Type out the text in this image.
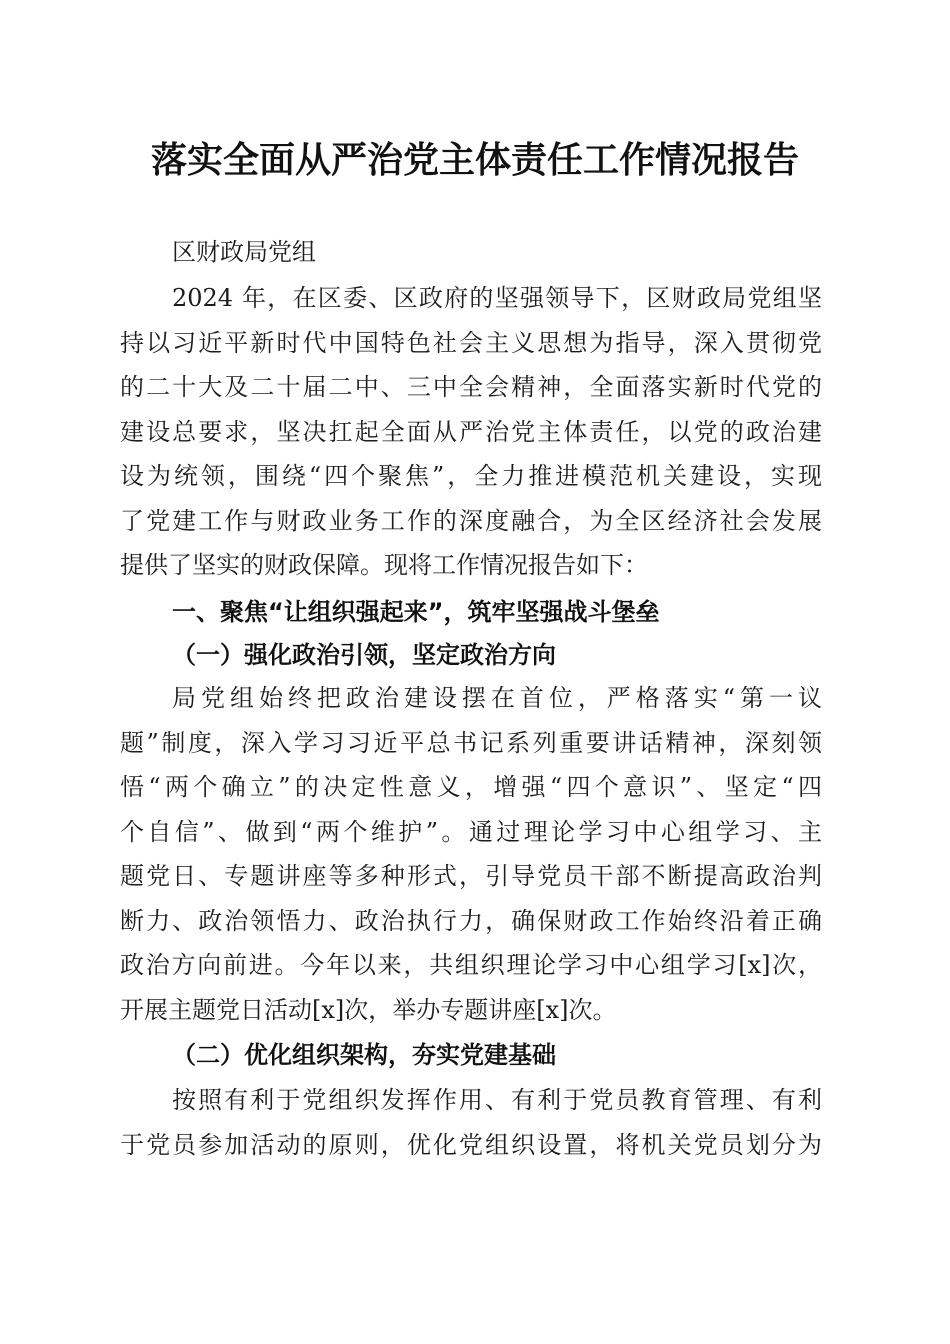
落实全面从严治党主体责任工作情况报告
区财政局党组
2024 年，在区委、区政府的坚强领导下，区财政局党组坚
持以习近平新时代中国特色社会主义思想为指导，深入贯彻党
的二十大及二十届二中、三中全会精神，全面落实新时代党的
建设总要求，坚决扛起全面从严治党主体责任，以党的政治建
设为统领，围绕“四个聚焦”，全力推进模范机关建设，实现
了党建工作与财政业务工作的深度融合，为全区经济社会发展
提供了坚实的财政保障。现将工作情况报告如下：
一、聚焦“让组织强起来”，筑牢坚强战斗堡垒
（一）强化政治引领，坚定政治方向
局党组始终把政治建设摆在首位，严格落实“第一议
题”制度，深入学习习近平总书记系列重要讲话精神，深刻领
悟“两个确立”的决定性意义，增强“四个意识”、坚定“四
个自信”、做到“两个维护”。通过理论学习中心组学习、主
题党日、专题讲座等多种形式，引导党员干部不断提高政治判
断力、政治领悟力、政治执行力，确保财政工作始终沿着正确
政治方向前进。今年以来，共组织理论学习中心组学习[x]次，
开展主题党日活动[x]次，举办专题讲座[x]次。
（二）优化组织架构，夯实党建基础
按照有利于党组织发挥作用、有利于党员教育管理、有利
于党员参加活动的原则，优化党组织设置，将机关党员划分为
